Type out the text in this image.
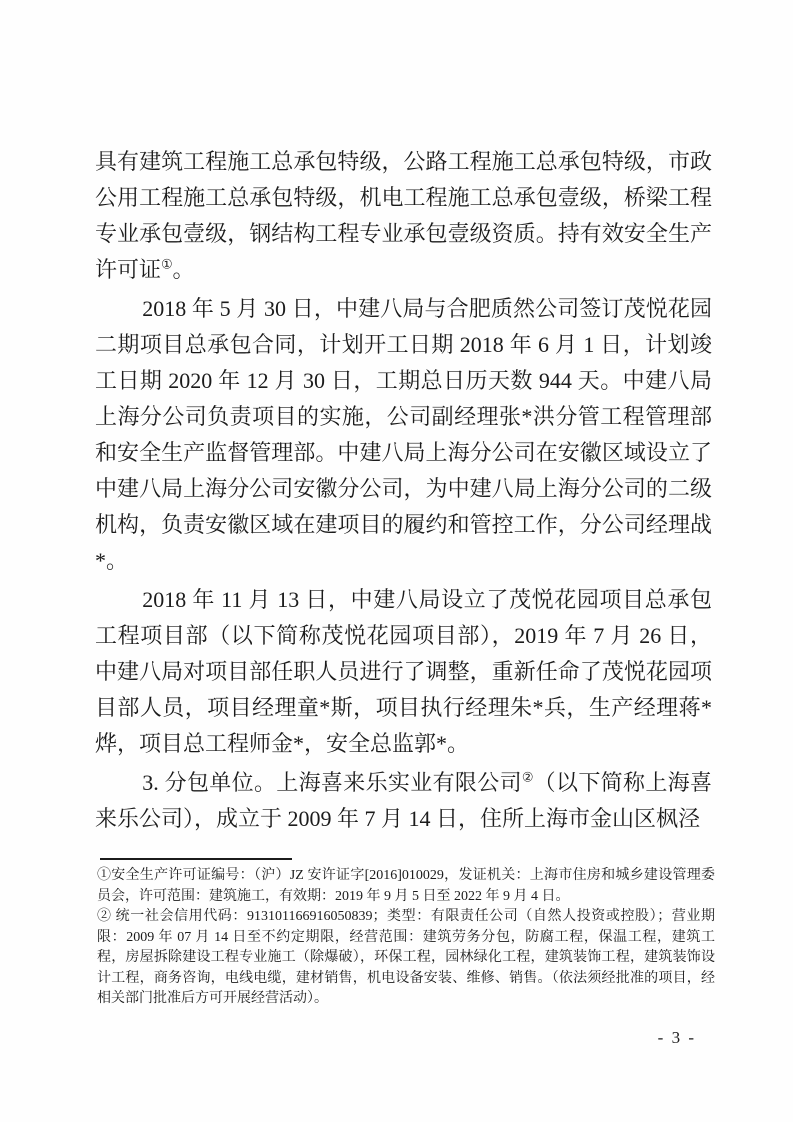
具有建筑工程施工总承包特级，公路工程施工总承包特级，市政公用工程施工总承包特级，机电工程施工总承包壹级，桥梁工程专业承包壹级，钢结构工程专业承包壹级资质。持有效安全生产许可证①。

2018 年 5 月 30 日，中建八局与合肥质然公司签订茂悦花园二期项目总承包合同，计划开工日期 2018 年 6 月 1 日，计划竣工日期 2020 年 12 月 30 日，工期总日历天数 944 天。中建八局上海分公司负责项目的实施，公司副经理张*洪分管工程管理部和安全生产监督管理部。中建八局上海分公司在安徽区域设立了中建八局上海分公司安徽分公司，为中建八局上海分公司的二级机构，负责安徽区域在建项目的履约和管控工作，分公司经理战*。

2018 年 11 月 13 日，中建八局设立了茂悦花园项目总承包工程项目部（以下简称茂悦花园项目部），2019 年 7 月 26 日，中建八局对项目部任职人员进行了调整，重新任命了茂悦花园项目部人员，项目经理童*斯，项目执行经理朱*兵，生产经理蒋*烨，项目总工程师金*，安全总监郭*。

3. 分包单位。上海喜来乐实业有限公司②（以下简称上海喜来乐公司），成立于 2009 年 7 月 14 日，住所上海市金山区枫泾

①安全生产许可证编号：（沪）JZ 安许证字[2016]010029，发证机关：上海市住房和城乡建设管理委员会，许可范围：建筑施工，有效期：2019 年 9 月 5 日至 2022 年 9 月 4 日。

② 统一社会信用代码：913101166916050839；类型：有限责任公司（自然人投资或控股）；营业期限：2009 年 07 月 14 日至不约定期限，经营范围：建筑劳务分包，防腐工程，保温工程，建筑工程，房屋拆除建设工程专业施工（除爆破），环保工程，园林绿化工程，建筑装饰工程，建筑装饰设计工程，商务咨询，电线电缆，建材销售，机电设备安装、维修、销售。（依法须经批准的项目，经相关部门批准后方可开展经营活动）。

- 3 -
